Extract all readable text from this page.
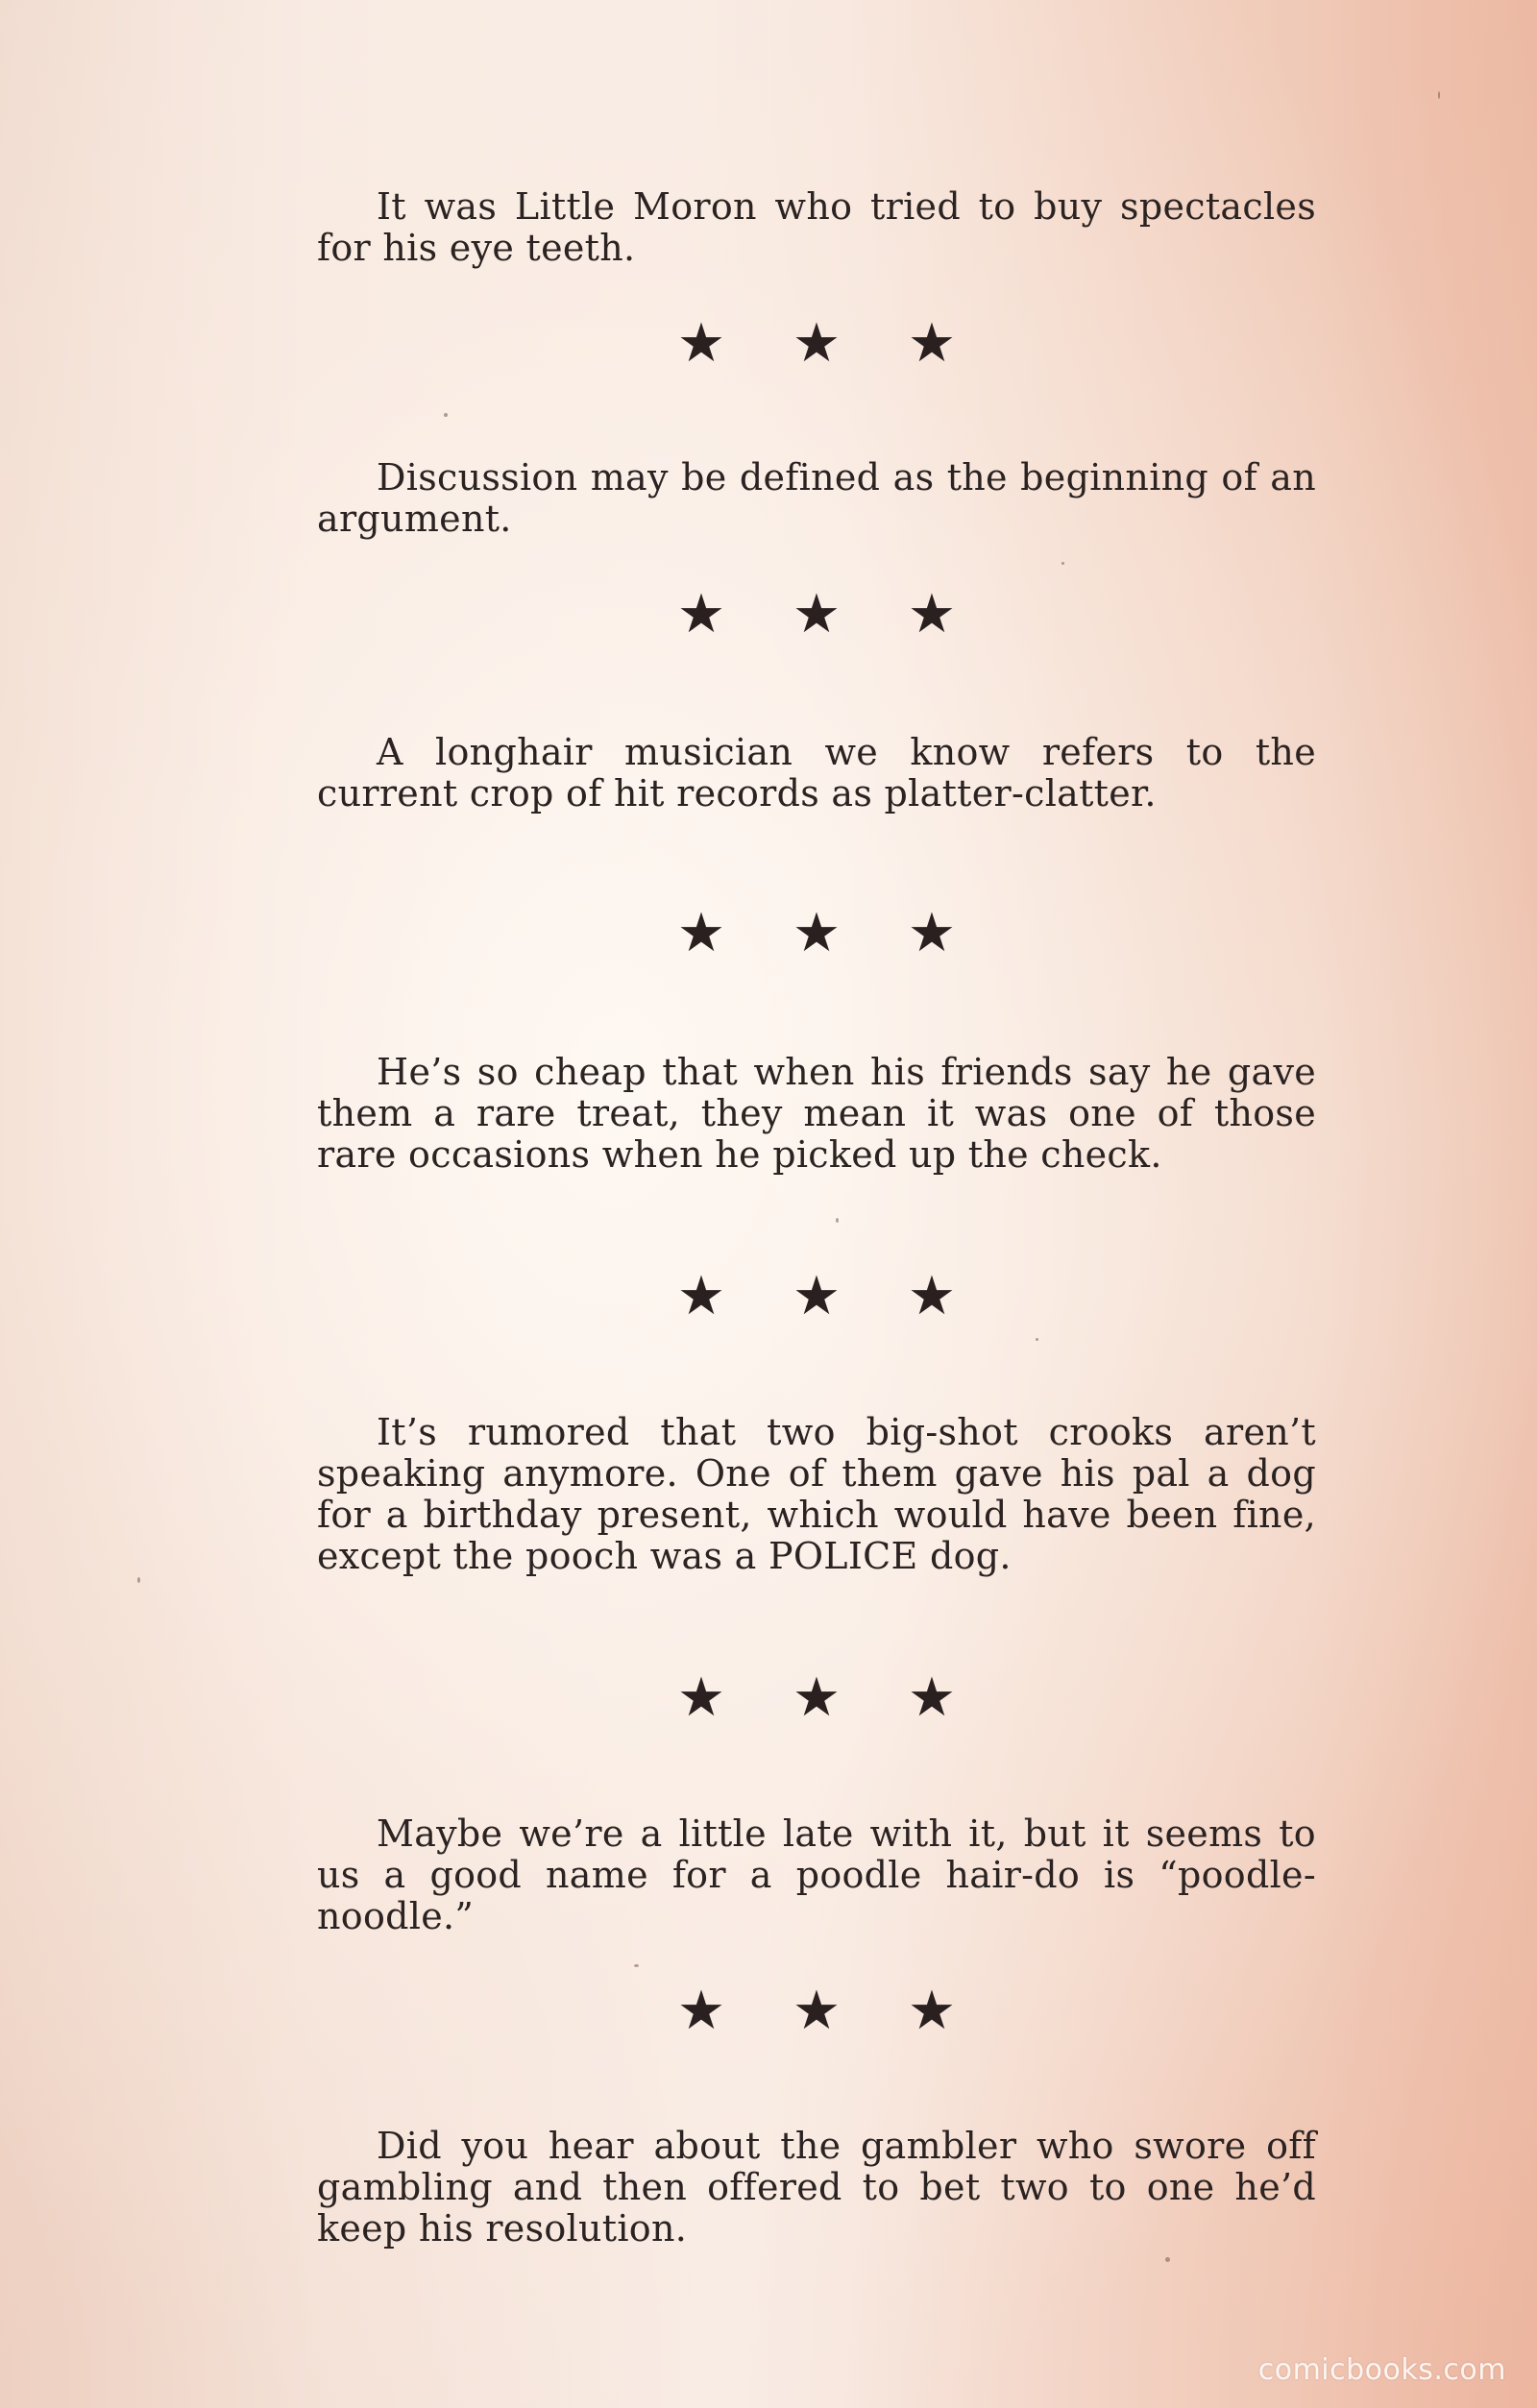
It was Little Moron who tried to buy spectacles for his eye teeth.

★ ★ ★

Discussion may be defined as the beginning of an argument.

★ ★ ★

A longhair musician we know refers to the current crop of hit records as platter-clatter.

★ ★ ★

He’s so cheap that when his friends say he gave them a rare treat, they mean it was one of those rare occasions when he picked up the check.

★ ★ ★

It’s rumored that two big-shot crooks aren’t speaking anymore. One of them gave his pal a dog for a birthday present, which would have been fine, except the pooch was a POLICE dog.

★ ★ ★

Maybe we’re a little late with it, but it seems to us a good name for a poodle hair-do is “poodle-noodle.”

★ ★ ★

Did you hear about the gambler who swore off gambling and then offered to bet two to one he’d keep his resolution.

comicbooks.com
